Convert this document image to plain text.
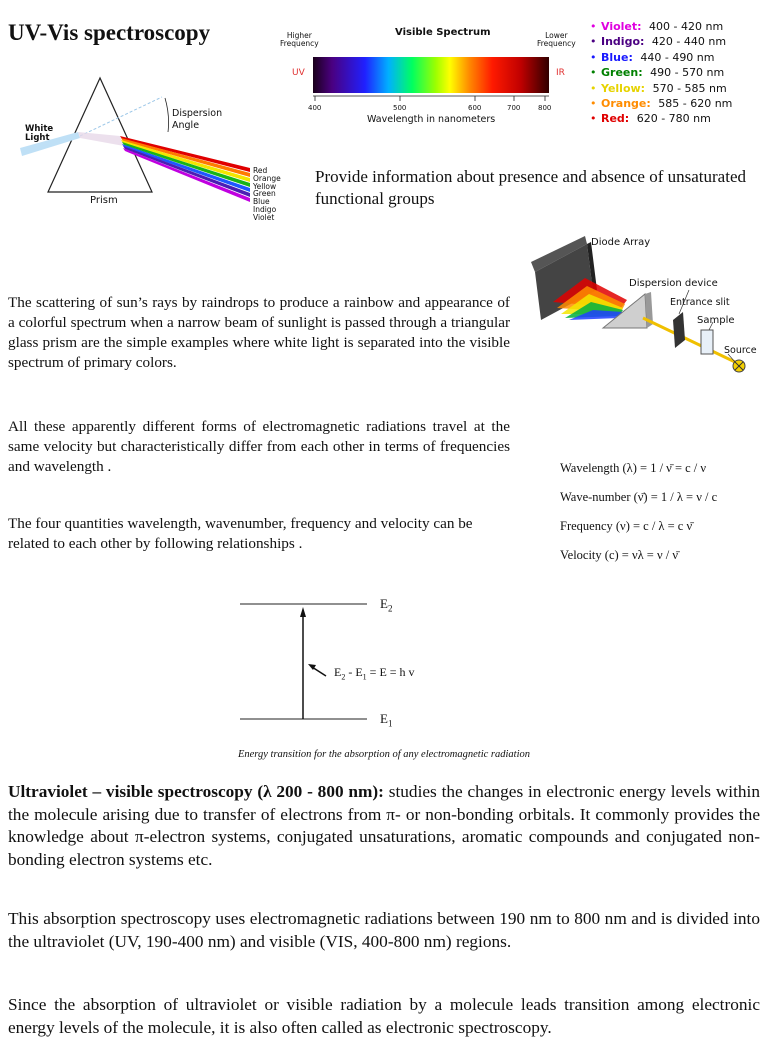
UV-Vis spectroscopy
White
Light
Dispersion
Angle
Prism
Red
Orange
Yellow
Green
Blue
Indigo
Violet
Higher
Frequency
Visible Spectrum	Lower
Frequency
UV	IR
400	500	600	700	800
Wavelength in nanometers
• Violet: 400 - 420 nm
• Indigo: 420 - 440 nm
• Blue: 440 - 490 nm
• Green: 490 - 570 nm
• Yellow: 570 - 585 nm
• Orange: 585 - 620 nm
• Red: 620 - 780 nm
Provide information about presence and absence of unsaturated functional groups
Diode Array
Dispersion device
Entrance slit
Sample
Source
The scattering of sun’s rays by raindrops to produce a rainbow and appearance of a colorful spectrum when a narrow beam of sunlight is passed through a triangular glass prism are the simple examples where white light is separated into the visible spectrum of primary colors.
All these apparently different forms of electromagnetic radiations travel at the same velocity but characteristically differ from each other in terms of frequencies and wavelength .
The four quantities wavelength, wavenumber, frequency and velocity can be related to each other by following relationships .
Wavelength (λ) = 1 / ν̄ = c / ν
Wave-number (ν̄) = 1 / λ = ν / c
Frequency (ν) = c / λ = c ν̄
Velocity (c) = νλ = ν / ν̄
$E_2$
$E_1$
$E_2 - E_1 = E = h$ v
Energy transition for the absorption of any electromagnetic radiation
Ultraviolet – visible spectroscopy (λ 200 - 800 nm): studies the changes in electronic energy levels within the molecule arising due to transfer of electrons from π- or non-bonding orbitals. It commonly provides the knowledge about π-electron systems, conjugated unsaturations, aromatic compounds and conjugated non-bonding electron systems etc.
This absorption spectroscopy uses electromagnetic radiations between 190 nm to 800 nm and is divided into the ultraviolet (UV, 190-400 nm) and visible (VIS, 400-800 nm) regions.
Since the absorption of ultraviolet or visible radiation by a molecule leads transition among electronic energy levels of the molecule, it is also often called as electronic spectroscopy.
